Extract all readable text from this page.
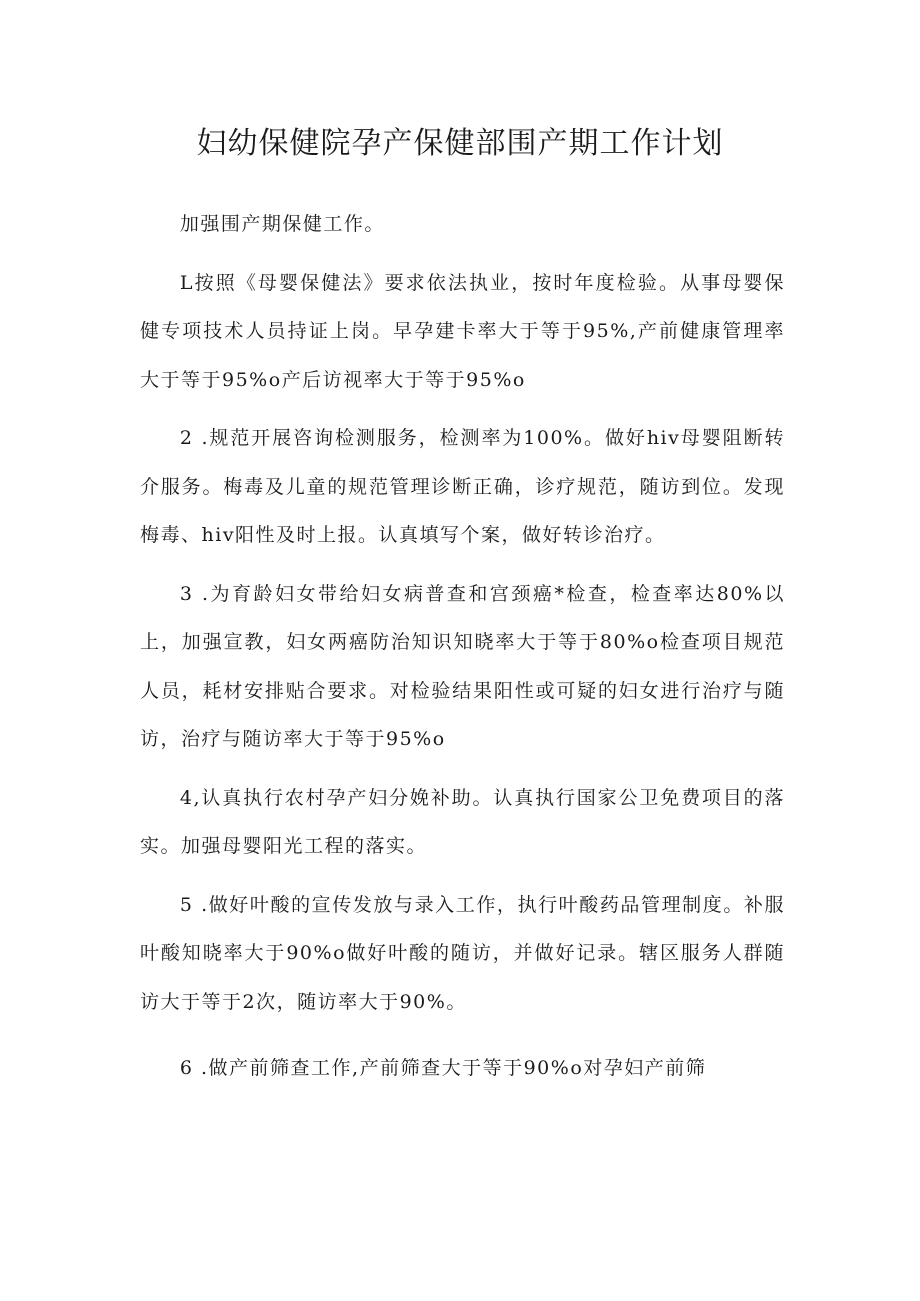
妇幼保健院孕产保健部围产期工作计划

加强围产期保健工作。

L按照《母婴保健法》要求依法执业，按时年度检验。从事母婴保健专项技术人员持证上岗。早孕建卡率大于等于95%,产前健康管理率大于等于95%o产后访视率大于等于95%o

2 .规范开展咨询检测服务，检测率为100%。做好hiv母婴阻断转介服务。梅毒及儿童的规范管理诊断正确，诊疗规范，随访到位。发现梅毒、hiv阳性及时上报。认真填写个案，做好转诊治疗。

3 .为育龄妇女带给妇女病普查和宫颈癌*检查，检查率达80%以上，加强宣教，妇女两癌防治知识知晓率大于等于80%o检查项目规范人员，耗材安排贴合要求。对检验结果阳性或可疑的妇女进行治疗与随访，治疗与随访率大于等于95%o

4,认真执行农村孕产妇分娩补助。认真执行国家公卫免费项目的落实。加强母婴阳光工程的落实。

5 .做好叶酸的宣传发放与录入工作，执行叶酸药品管理制度。补服叶酸知晓率大于90%o做好叶酸的随访，并做好记录。辖区服务人群随访大于等于2次，随访率大于90%。

6 .做产前筛查工作,产前筛查大于等于90%o对孕妇产前筛
